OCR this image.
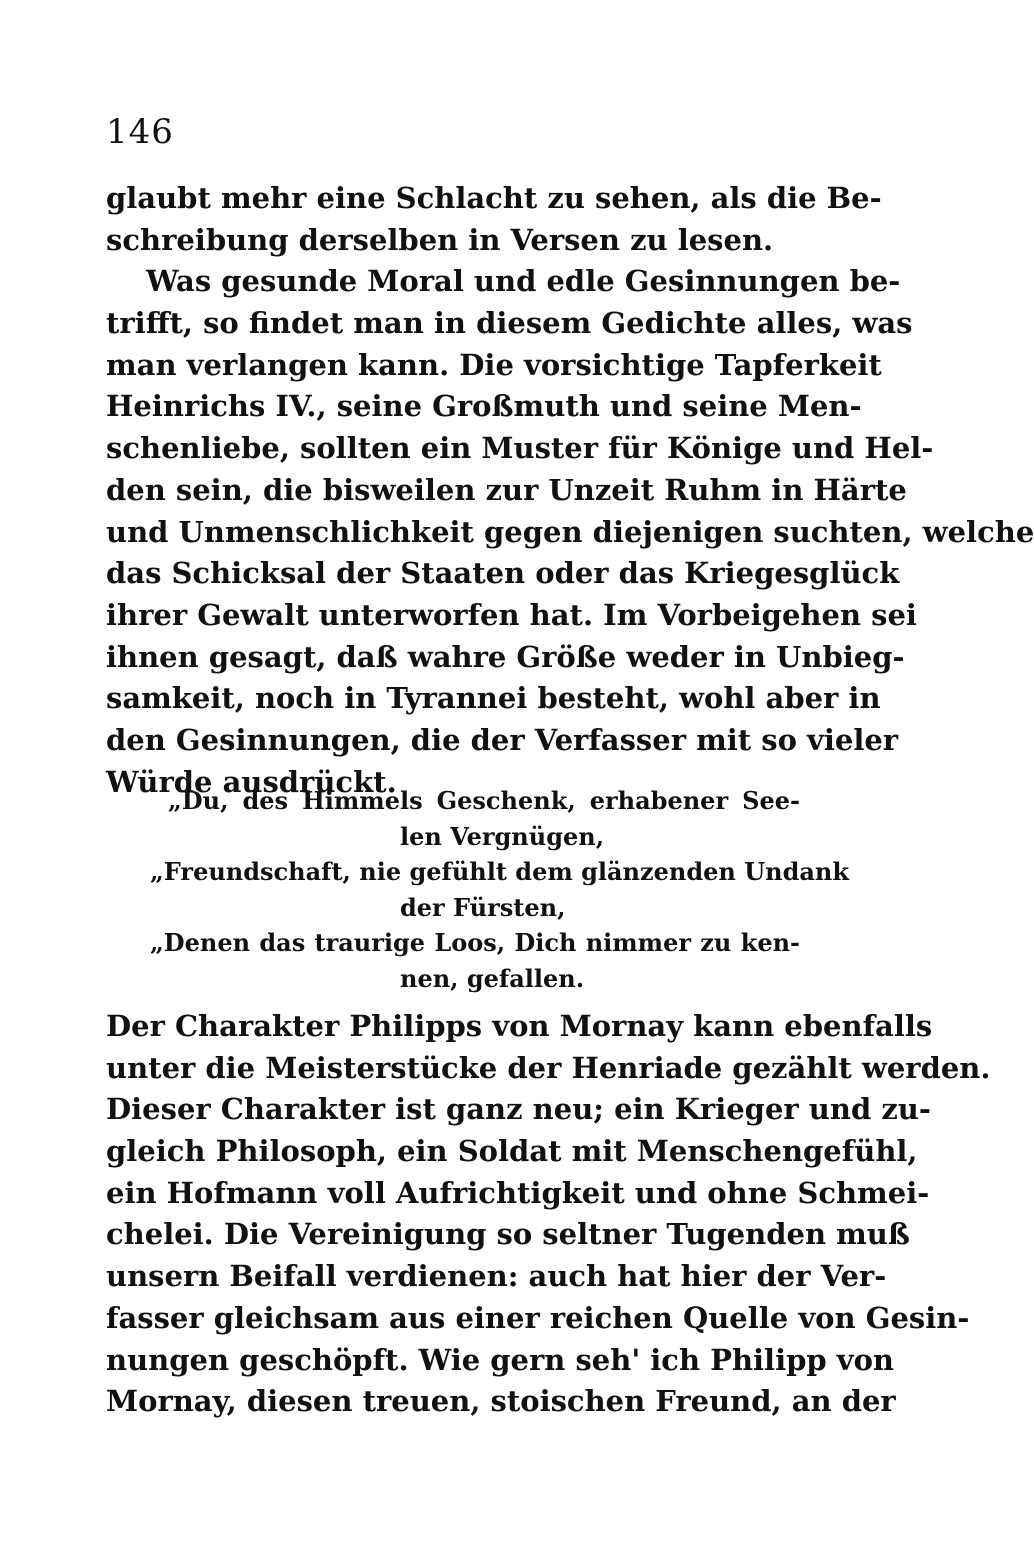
146
glaubt mehr eine Schlacht zu sehen, als die Be-
schreibung derselben in Versen zu lesen.
Was gesunde Moral und edle Gesinnungen be-
trifft, so findet man in diesem Gedichte alles, was
man verlangen kann. Die vorsichtige Tapferkeit
Heinrichs IV., seine Großmuth und seine Men-
schenliebe, sollten ein Muster für Könige und Hel-
den sein, die bisweilen zur Unzeit Ruhm in Härte
und Unmenschlichkeit gegen diejenigen suchten, welche
das Schicksal der Staaten oder das Kriegesglück
ihrer Gewalt unterworfen hat. Im Vorbeigehen sei
ihnen gesagt, daß wahre Größe weder in Unbieg-
samkeit, noch in Tyrannei besteht, wohl aber in
den Gesinnungen, die der Verfasser mit so vieler
Würde ausdrückt.
„Du, des Himmels Geschenk, erhabener See-
len Vergnügen,
„Freundschaft, nie gefühlt dem glänzenden Undank
der Fürsten,
„Denen das traurige Loos, Dich nimmer zu ken-
nen, gefallen.
Der Charakter Philipps von Mornay kann ebenfalls
unter die Meisterstücke der Henriade gezählt werden.
Dieser Charakter ist ganz neu; ein Krieger und zu-
gleich Philosoph, ein Soldat mit Menschengefühl,
ein Hofmann voll Aufrichtigkeit und ohne Schmei-
chelei. Die Vereinigung so seltner Tugenden muß
unsern Beifall verdienen: auch hat hier der Ver-
fasser gleichsam aus einer reichen Quelle von Gesin-
nungen geschöpft. Wie gern seh' ich Philipp von
Mornay, diesen treuen, stoischen Freund, an der
